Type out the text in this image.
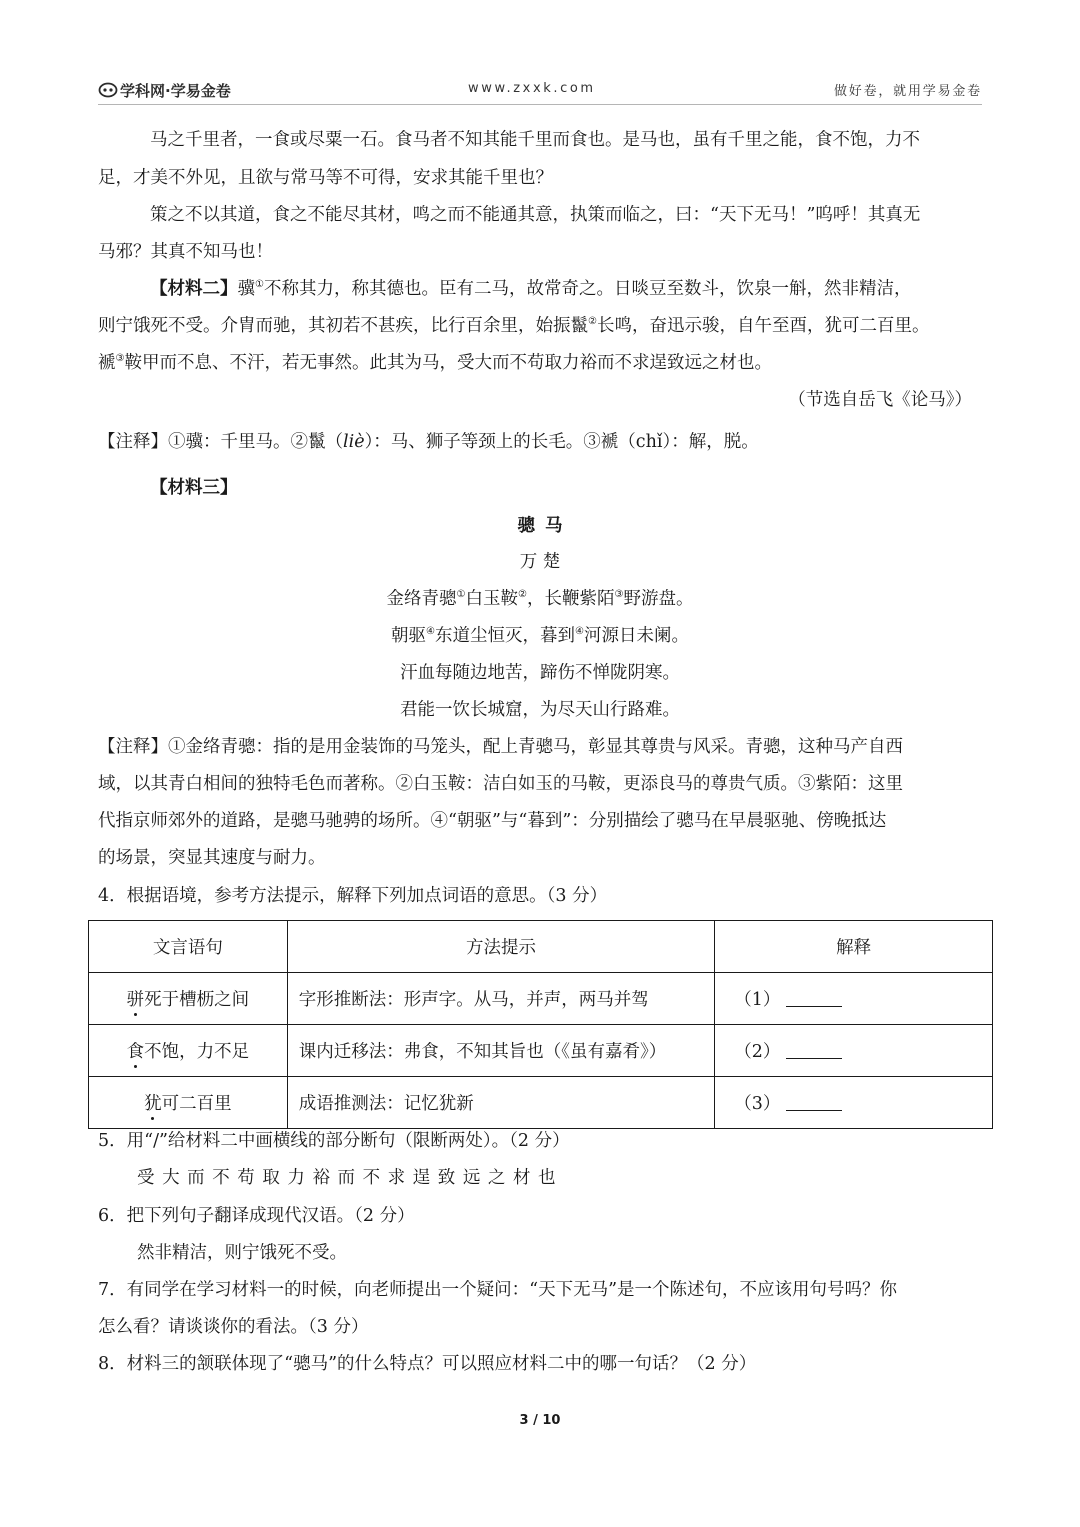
学科网·学易金卷	www.zxxk.com	做好卷，就用学易金卷
马之千里者，一食或尽粟一石。食马者不知其能千里而食也。是马也，虽有千里之能，食不饱，力不
足，才美不外见，且欲与常马等不可得，安求其能千里也？
策之不以其道，食之不能尽其材，鸣之而不能通其意，执策而临之，曰：“天下无马！”呜呼！其真无
马邪？其真不知马也！
【材料二】骥①不称其力，称其德也。臣有二马，故常奇之。日啖豆至数斗，饮泉一斛，然非精洁，
则宁饿死不受。介胄而驰，其初若不甚疾，比行百余里，始振鬣②长鸣，奋迅示骏，自午至酉，犹可二百里。
褫③鞍甲而不息、不汗，若无事然。此其为马，受大而不苟取力裕而不求逞致远之材也。
（节选自岳飞《论马》）
【注释】①骥：千里马。②鬣（liè）：马、狮子等颈上的长毛。③褫（chǐ）：解，脱。
【材料三】
骢马
万 楚
金络青骢①白玉鞍②，长鞭紫陌③野游盘。
朝驱④东道尘恒灭，暮到④河源日未阑。
汗血每随边地苦，蹄伤不惮陇阴寒。
君能一饮长城窟，为尽天山行路难。
【注释】①金络青骢：指的是用金装饰的马笼头，配上青骢马，彰显其尊贵与风采。青骢，这种马产自西
域，以其青白相间的独特毛色而著称。②白玉鞍：洁白如玉的马鞍，更添良马的尊贵气质。③紫陌：这里
代指京师郊外的道路，是骢马驰骋的场所。④“朝驱”与“暮到”：分别描绘了骢马在早晨驱驰、傍晚抵达
的场景，突显其速度与耐力。
4．根据语境，参考方法提示，解释下列加点词语的意思。（3 分）
文言语句	方法提示	解释
骈死于槽枥之间	字形推断法：形声字。从马，并声，两马并驾	（1）
食不饱，力不足	课内迁移法：弗食，不知其旨也（《虽有嘉肴》）	（2）
犹可二百里	成语推测法：记忆犹新	（3）
5．用“/”给材料二中画横线的部分断句（限断两处）。（2 分）
受 大 而 不 苟 取 力 裕 而 不 求 逞 致 远 之 材 也
6．把下列句子翻译成现代汉语。（2 分）
然非精洁，则宁饿死不受。
7．有同学在学习材料一的时候，向老师提出一个疑问：“天下无马”是一个陈述句，不应该用句号吗？你
怎么看？请谈谈你的看法。（3 分）
8．材料三的颔联体现了“骢马”的什么特点？可以照应材料二中的哪一句话？（2 分）
3 / 10
